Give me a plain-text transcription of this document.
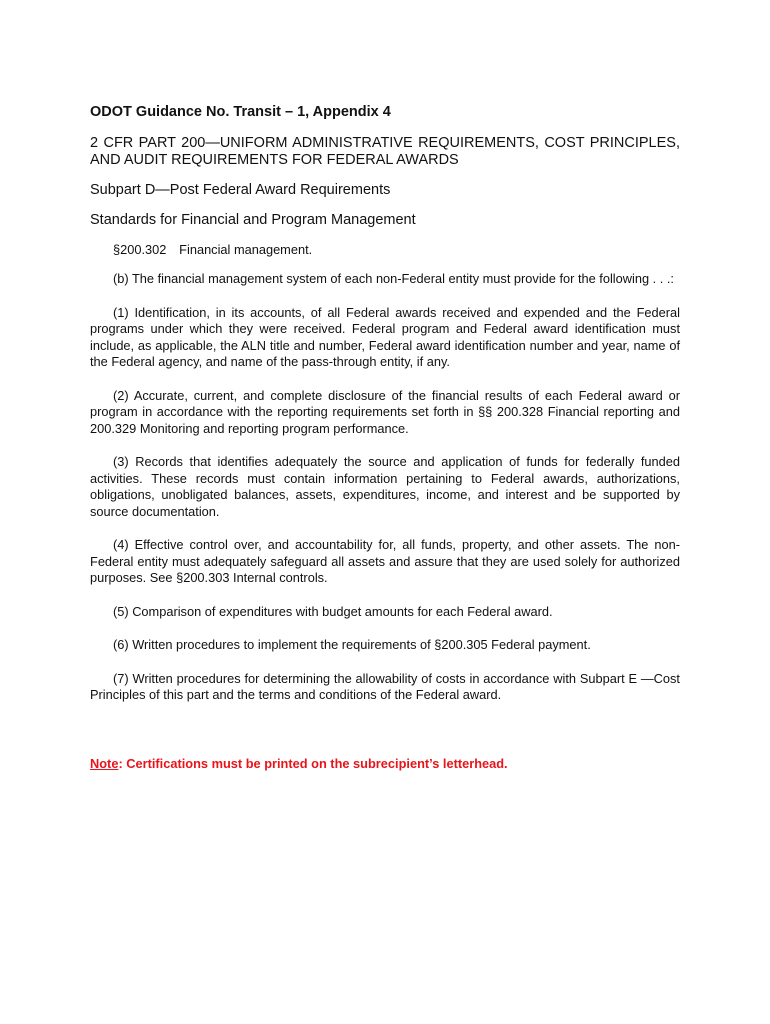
ODOT Guidance No. Transit – 1, Appendix 4

2 CFR PART 200—UNIFORM ADMINISTRATIVE REQUIREMENTS, COST PRINCIPLES, AND AUDIT REQUIREMENTS FOR FEDERAL AWARDS

Subpart D—Post Federal Award Requirements

Standards for Financial and Program Management

§200.302 Financial management.

(b) The financial management system of each non-Federal entity must provide for the following . . .:

(1) Identification, in its accounts, of all Federal awards received and expended and the Federal programs under which they were received. Federal program and Federal award identification must include, as applicable, the ALN title and number, Federal award identification number and year, name of the Federal agency, and name of the pass-through entity, if any.

(2) Accurate, current, and complete disclosure of the financial results of each Federal award or program in accordance with the reporting requirements set forth in §§ 200.328 Financial reporting and 200.329 Monitoring and reporting program performance.

(3) Records that identifies adequately the source and application of funds for federally funded activities. These records must contain information pertaining to Federal awards, authorizations, obligations, unobligated balances, assets, expenditures, income, and interest and be supported by source documentation.

(4) Effective control over, and accountability for, all funds, property, and other assets. The non-Federal entity must adequately safeguard all assets and assure that they are used solely for authorized purposes. See §200.303 Internal controls.

(5) Comparison of expenditures with budget amounts for each Federal award.

(6) Written procedures to implement the requirements of §200.305 Federal payment.

(7) Written procedures for determining the allowability of costs in accordance with Subpart E —Cost Principles of this part and the terms and conditions of the Federal award.

Note: Certifications must be printed on the subrecipient’s letterhead.
